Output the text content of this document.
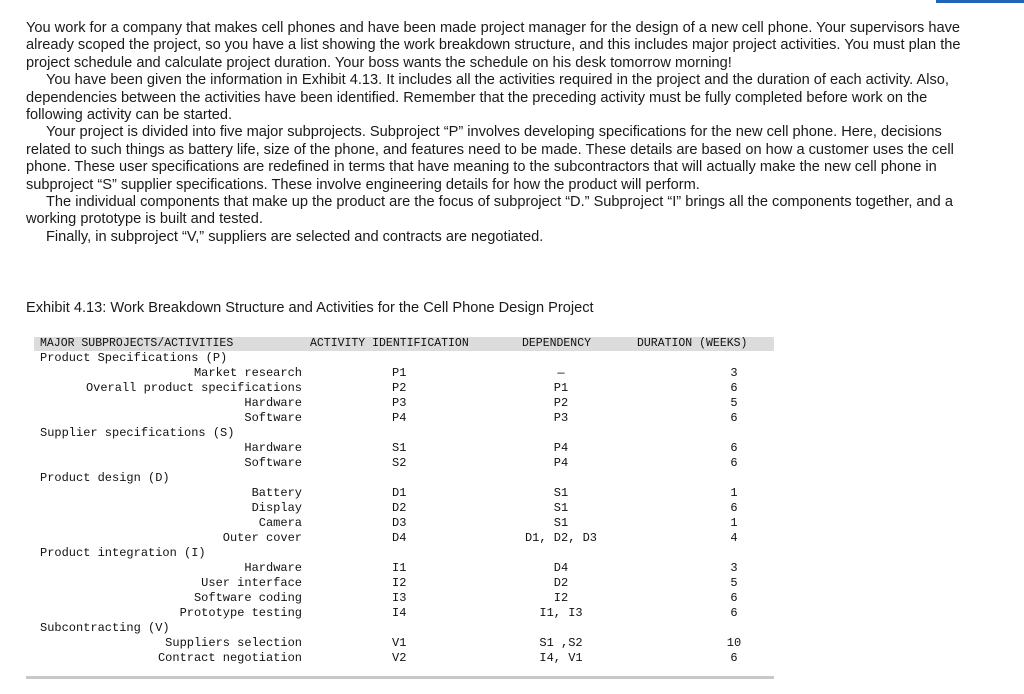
You work for a company that makes cell phones and have been made project manager for the design of a new cell phone. Your supervisors have already scoped the project, so you have a list showing the work breakdown structure, and this includes major project activities. You must plan the project schedule and calculate project duration. Your boss wants the schedule on his desk tomorrow morning!

You have been given the information in Exhibit 4.13. It includes all the activities required in the project and the duration of each activity. Also, dependencies between the activities have been identified. Remember that the preceding activity must be fully completed before work on the following activity can be started.

Your project is divided into five major subprojects. Subproject “P” involves developing specifications for the new cell phone. Here, decisions related to such things as battery life, size of the phone, and features need to be made. These details are based on how a customer uses the cell phone. These user specifications are redefined in terms that have meaning to the subcontractors that will actually make the new cell phone in subproject “S” supplier specifications. These involve engineering details for how the product will perform.

The individual components that make up the product are the focus of subproject “D.” Subproject “I” brings all the components together, and a working prototype is built and tested.

Finally, in subproject “V,” suppliers are selected and contracts are negotiated.

Exhibit 4.13: Work Breakdown Structure and Activities for the Cell Phone Design Project
MAJOR SUBPROJECTS/ACTIVITIES	ACTIVITY IDENTIFICATION	DEPENDENCY	DURATION (WEEKS)
Product Specifications (P)
Market research	P1	—	3
Overall product specifications	P2	P1	6
Hardware	P3	P2	5
Software	P4	P3	6
Supplier specifications (S)
Hardware	S1	P4	6
Software	S2	P4	6
Product design (D)
Battery	D1	S1	1
Display	D2	S1	6
Camera	D3	S1	1
Outer cover	D4	D1, D2, D3	4
Product integration (I)
Hardware	I1	D4	3
User interface	I2	D2	5
Software coding	I3	I2	6
Prototype testing	I4	I1, I3	6
Subcontracting (V)
Suppliers selection	V1	S1 ,S2	10
Contract negotiation	V2	I4, V1	6
